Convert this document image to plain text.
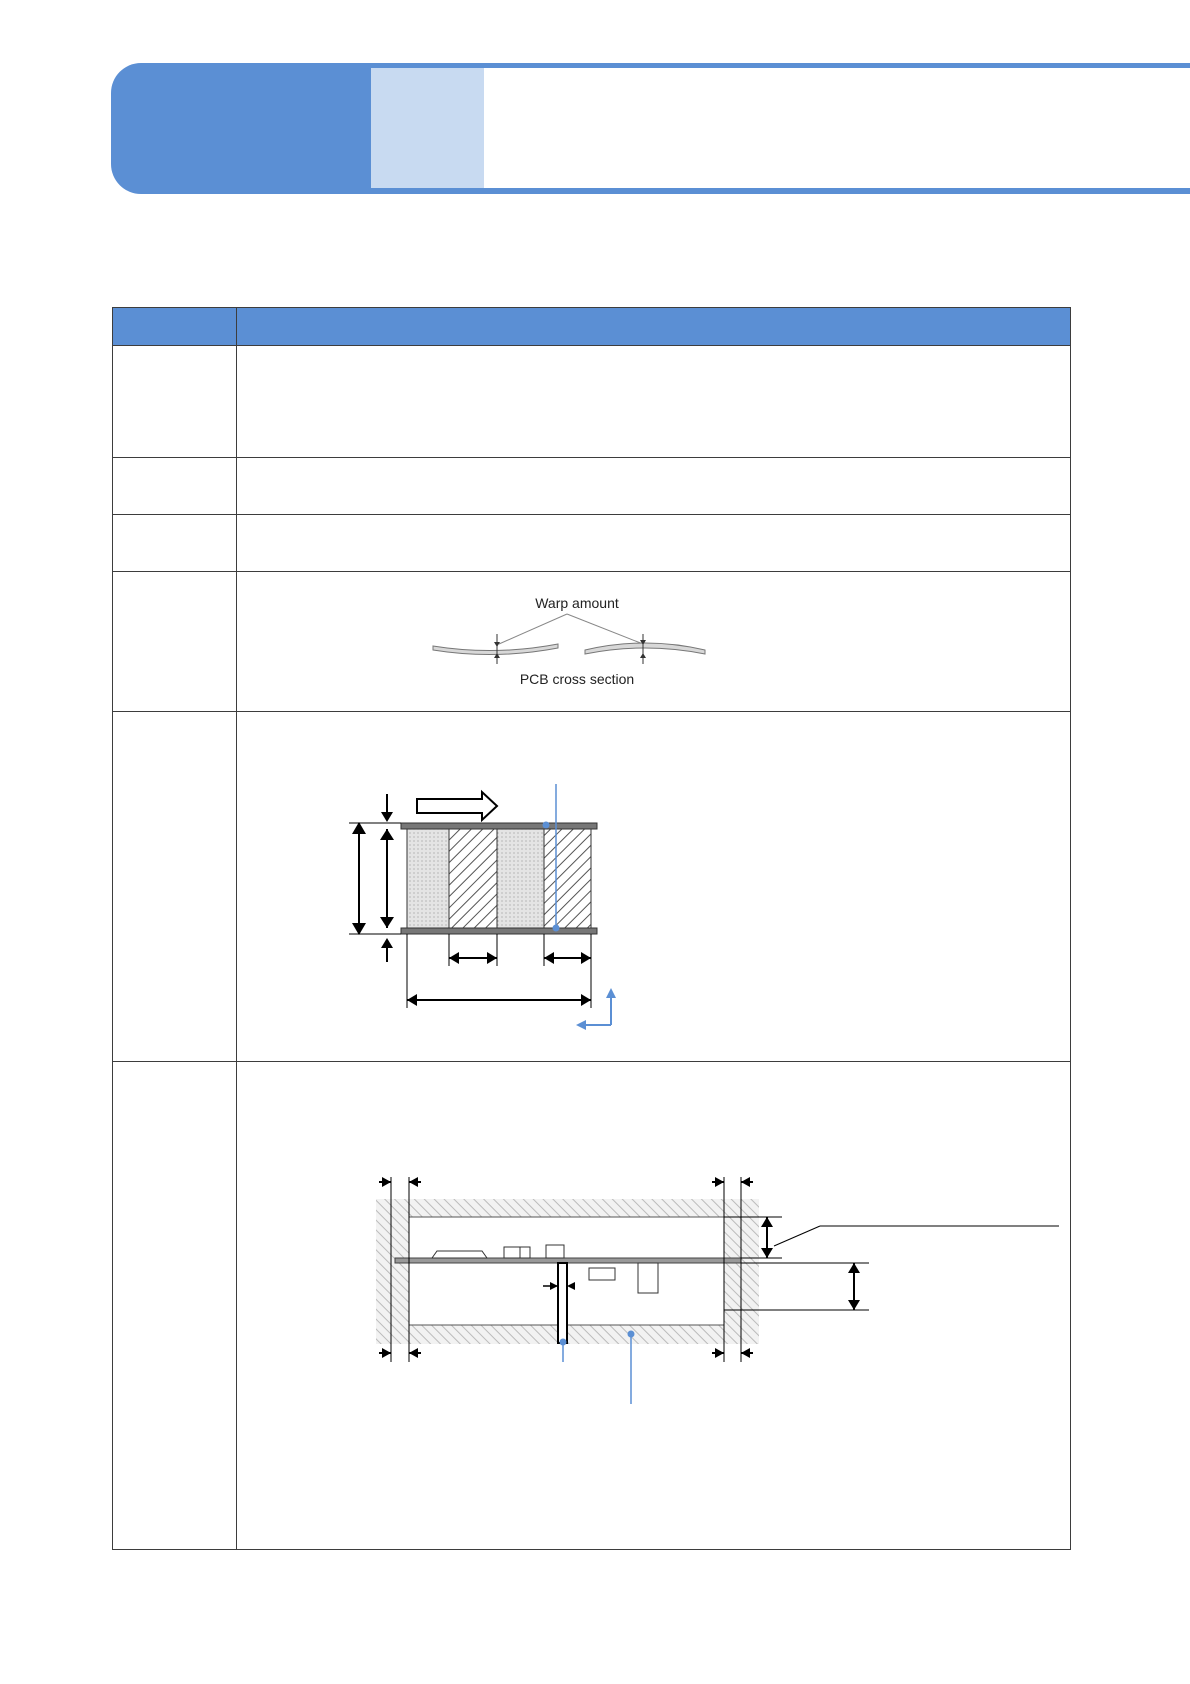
Warp amount
PCB cross section
